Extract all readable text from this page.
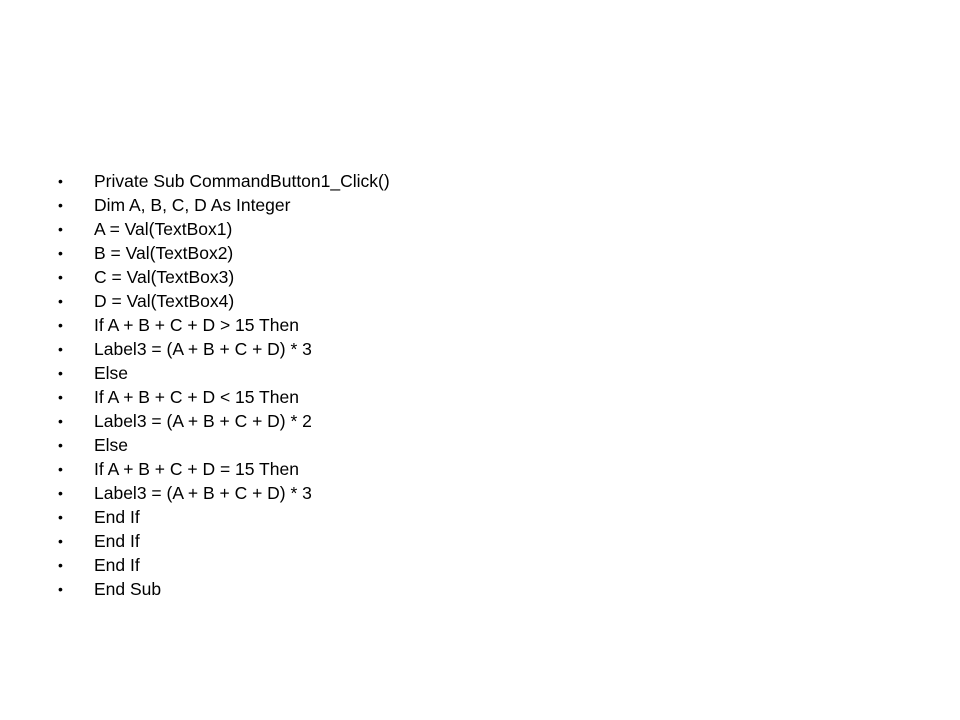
• Private Sub CommandButton1_Click()
• Dim A, B, C, D As Integer
• A = Val(TextBox1)
• B = Val(TextBox2)
• C = Val(TextBox3)
• D = Val(TextBox4)
• If A + B + C + D > 15 Then
• Label3 = (A + B + C + D) * 3
• Else
• If A + B + C + D < 15 Then
• Label3 = (A + B + C + D) * 2
• Else
• If A + B + C + D = 15 Then
• Label3 = (A + B + C + D) * 3
• End If
• End If
• End If
• End Sub
